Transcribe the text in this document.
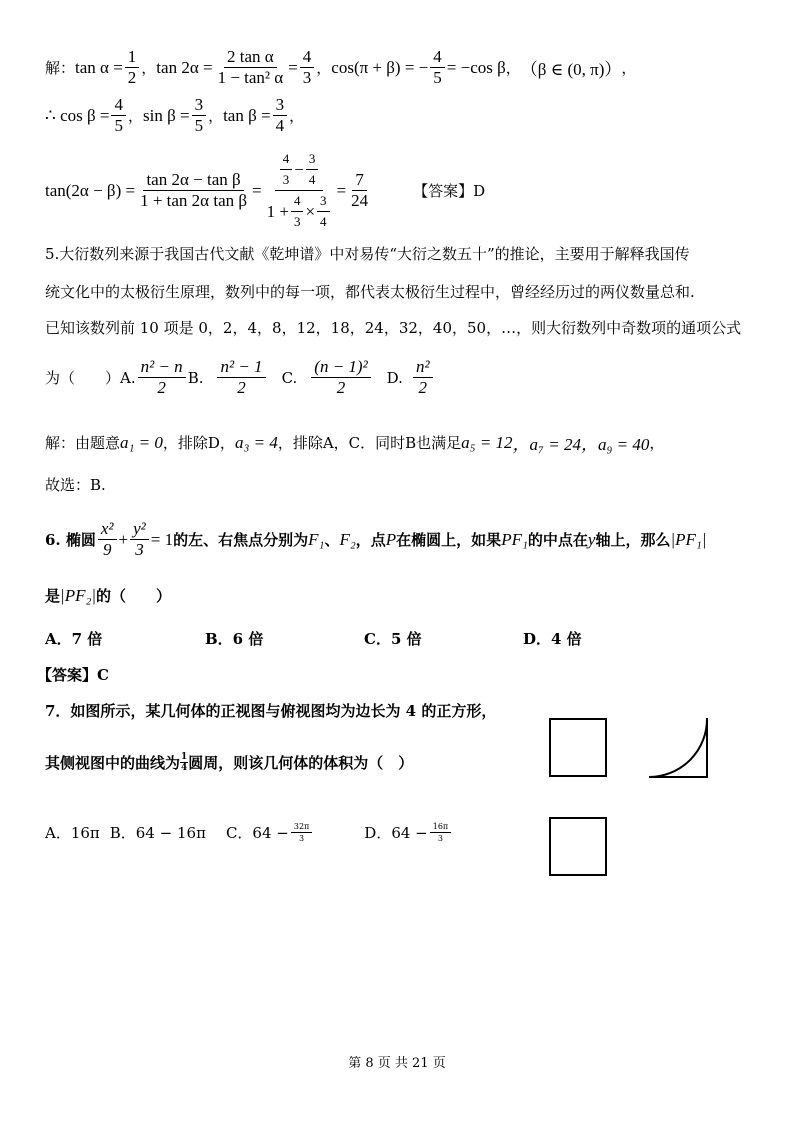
解： $\tan \alpha = \frac{1}{2}$ ， $\tan 2\alpha = \frac{\text{2 tan α}}{\text{1 − tan² α}} = \frac{4}{3}$ ， cos(π + β) = − $\frac{4}{5} = -\cos$ β ， （β ∈ (0, π)） ，
∴ $\cos \beta = \frac{4}{5}$ ， $\sin \beta = \frac{3}{5}$ ， $\tan \beta = \frac{3}{4}$ ，
$\tan(2\alpha - \beta) = \frac{\text{tan 2α − tan β}}{\text{1 + tan 2α tan β}} = \frac{\frac{4}{3} - \frac{3}{4}}{1 + \frac{4}{3} \times \frac{3}{4}} = \frac{7}{24}$	【答案】D
5.大衍数列来源于我国古代文献《乾坤谱》中对易传“大衍之数五十”的推论，主要用于解释我国传
统文化中的太极衍生原理，数列中的每一项，都代表太极衍生过程中，曾经经历过的两仪数量总和.
已知该数列前 10 项是 0，2，4，8，12，18，24，32，40，50，…，则大衍数列中奇数项的通项公式
为（　　）A. $\frac{\text{n² − n}}{2} B$. $\frac{\text{n² − 1}}{2} C$. $\frac{\text{(n − 1)²}}{2} D$. $\frac{\text{n²}}{2}$
解：由题意 a₁ = 0 ，排除D， a₃ = 4 ，排除A，C．同时B也满足 a₅ = 12 ，a₇ = 24 ，a₉ = 40 ，
故选：B.
6. 椭圆 $\frac{\text{x²}}{9} + \frac{\text{y²}}{3} = 1$ 的左、右焦点分别为 F₁ 、 F₂ ，点 P 在椭圆上，如果 PF₁ 的中点在 y 轴上，那么 |PF₁|
是 |PF₂| 的（　　）
A．7 倍	B．6 倍	C．5 倍	D．4 倍
【答案】C
7．如图所示，某几何体的正视图与俯视图均为边长为 4 的正方形，
其侧视图中的曲线为 $\frac{1}{4}$ 圆周，则该几何体的体积为（　）
A．16π B．64 − 16π C．$64 - \frac{32\pi}{3}$	D．$64 - \frac{16\pi}{3}$
第 8 页 共 21 页
